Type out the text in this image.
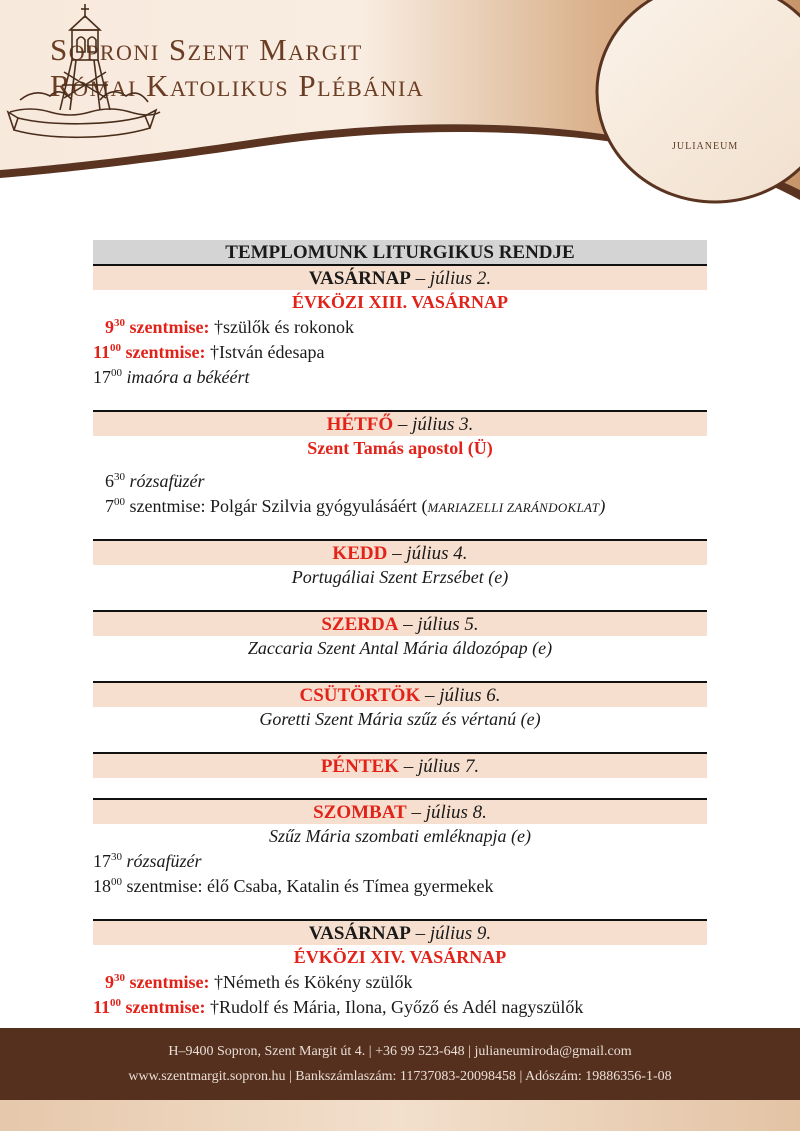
Soproni Szent Margit
Római Katolikus Plébánia
JULIANEUM
TEMPLOMUNK LITURGIKUS RENDJE
VASÁRNAP – július 2.
ÉVKÖZI XIII. VASÁRNAP
$9^{30}$ szentmise: †szülők és rokonok
$11^{00}$ szentmise: †István édesapa
$17^{00}$ imaóra a békéért
HÉTFŐ – július 3.
Szent Tamás apostol (Ü)
$6^{30}$ rózsafüzér
$7^{00}$ szentmise: Polgár Szilvia gyógyulásáért (MARIAZELLI ZARÁNDOKLAT)
KEDD – július 4.
Portugáliai Szent Erzsébet (e)
SZERDA – július 5.
Zaccaria Szent Antal Mária áldozópap (e)
CSÜTÖRTÖK – július 6.
Goretti Szent Mária szűz és vértanú (e)
PÉNTEK – július 7.
SZOMBAT – július 8.
Szűz Mária szombati emléknapja (e)
$17^{30}$ rózsafüzér
$18^{00}$ szentmise: élő Csaba, Katalin és Tímea gyermekek
VASÁRNAP – július 9.
ÉVKÖZI XIV. VASÁRNAP
$9^{30}$ szentmise: †Németh és Kökény szülők
$11^{00}$ szentmise: †Rudolf és Mária, Ilona, Győző és Adél nagyszülők
H–9400 Sopron, Szent Margit út 4. | +36 99 523-648 | julianeumiroda@gmail.com
www.szentmargit.sopron.hu | Bankszámlaszám: 11737083-20098458 | Adószám: 19886356-1-08
